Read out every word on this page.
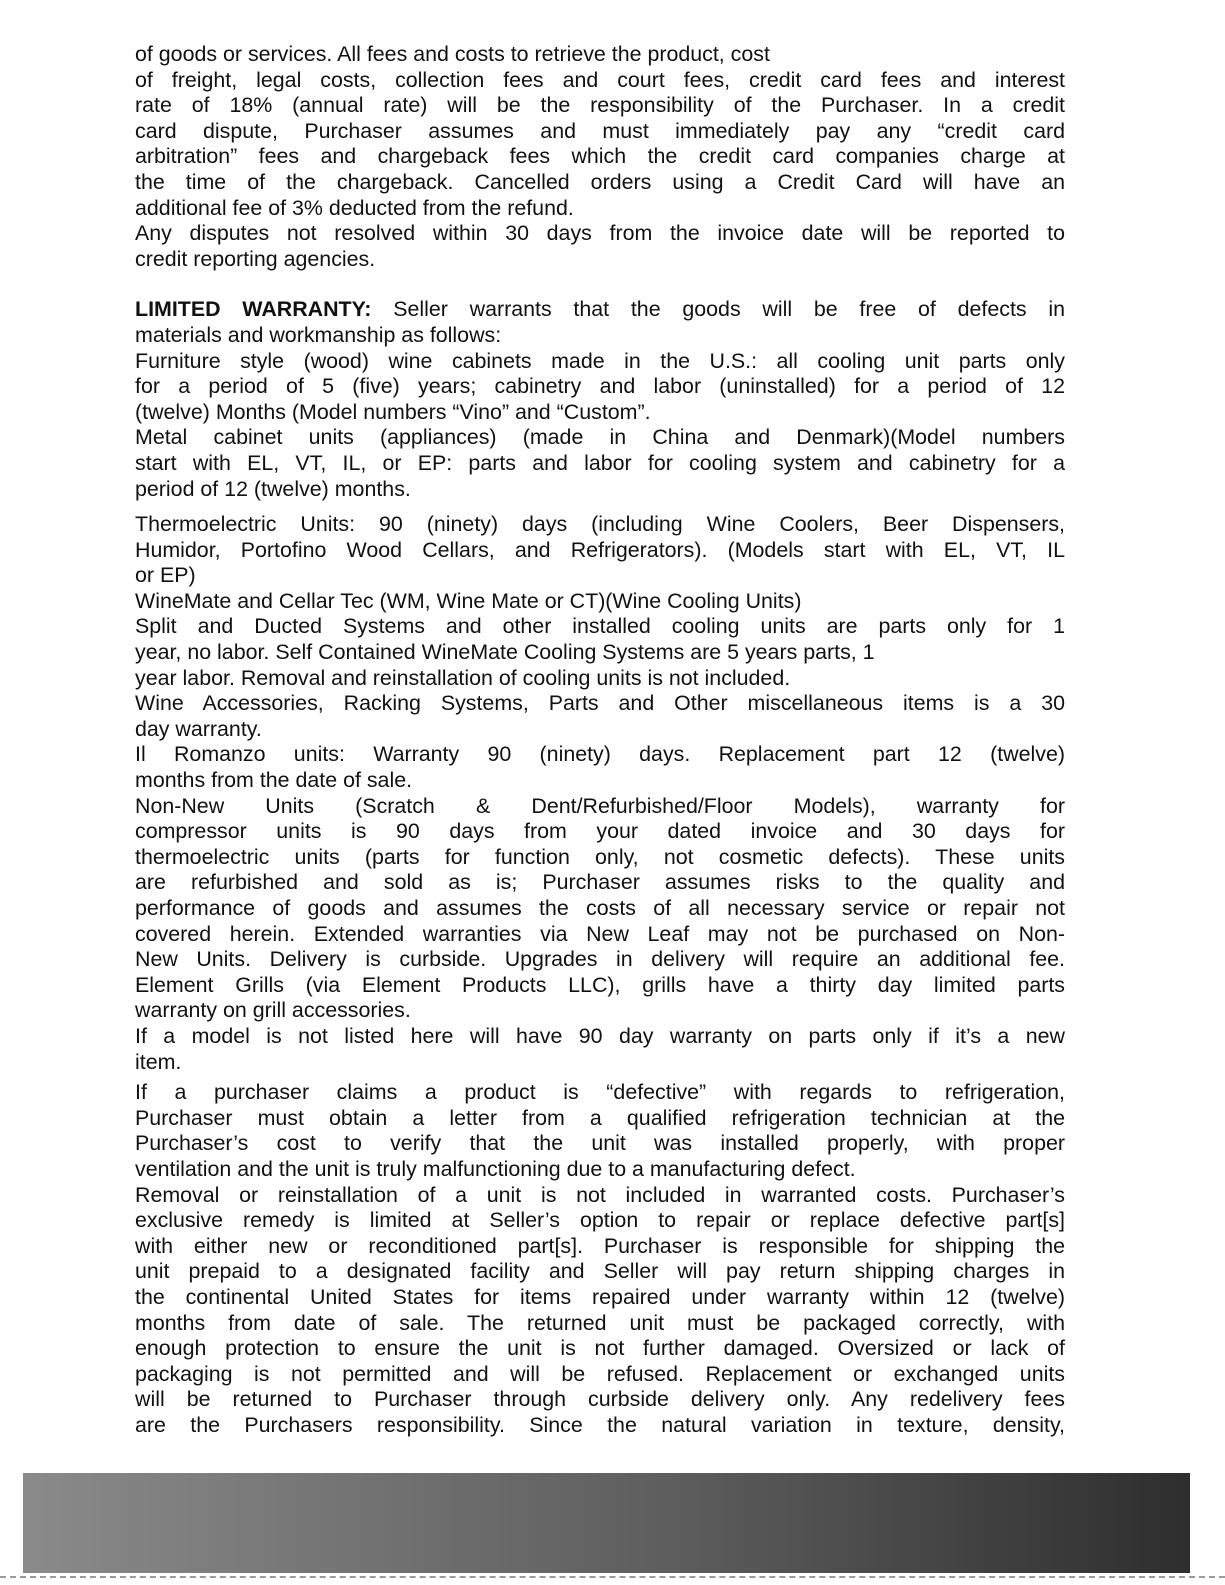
of goods or services. All fees and costs to retrieve the product, cost
of freight, legal costs, collection fees and court fees, credit card fees and interest
rate of 18% (annual rate) will be the responsibility of the Purchaser. In a credit
card dispute, Purchaser assumes and must immediately pay any “credit card
arbitration” fees and chargeback fees which the credit card companies charge at
the time of the chargeback. Cancelled orders using a Credit Card will have an
additional fee of 3% deducted from the refund.
Any disputes not resolved within 30 days from the invoice date will be reported to
credit reporting agencies.
LIMITED WARRANTY: Seller warrants that the goods will be free of defects in
materials and workmanship as follows:
Furniture style (wood) wine cabinets made in the U.S.: all cooling unit parts only
for a period of 5 (five) years; cabinetry and labor (uninstalled) for a period of 12
(twelve) Months (Model numbers “Vino” and “Custom”.
Metal cabinet units (appliances) (made in China and Denmark)(Model numbers
start with EL, VT, IL, or EP: parts and labor for cooling system and cabinetry for a
period of 12 (twelve) months.
Thermoelectric Units: 90 (ninety) days (including Wine Coolers, Beer Dispensers,
Humidor, Portofino Wood Cellars, and Refrigerators). (Models start with EL, VT, IL
or EP)
WineMate and Cellar Tec (WM, Wine Mate or CT)(Wine Cooling Units)
Split and Ducted Systems and other installed cooling units are parts only for 1
year, no labor. Self Contained WineMate Cooling Systems are 5 years parts, 1
year labor. Removal and reinstallation of cooling units is not included.
Wine Accessories, Racking Systems, Parts and Other miscellaneous items is a 30
day warranty.
Il Romanzo units: Warranty 90 (ninety) days. Replacement part 12 (twelve)
months from the date of sale.
Non-New Units (Scratch & Dent/Refurbished/Floor Models), warranty for
compressor units is 90 days from your dated invoice and 30 days for
thermoelectric units (parts for function only, not cosmetic defects). These units
are refurbished and sold as is; Purchaser assumes risks to the quality and
performance of goods and assumes the costs of all necessary service or repair not
covered herein. Extended warranties via New Leaf may not be purchased on Non-
New Units. Delivery is curbside. Upgrades in delivery will require an additional fee.
Element Grills (via Element Products LLC), grills have a thirty day limited parts
warranty on grill accessories.
If a model is not listed here will have 90 day warranty on parts only if it’s a new
item.
If a purchaser claims a product is “defective” with regards to refrigeration,
Purchaser must obtain a letter from a qualified refrigeration technician at the
Purchaser’s cost to verify that the unit was installed properly, with proper
ventilation and the unit is truly malfunctioning due to a manufacturing defect.
Removal or reinstallation of a unit is not included in warranted costs. Purchaser’s
exclusive remedy is limited at Seller’s option to repair or replace defective part[s]
with either new or reconditioned part[s]. Purchaser is responsible for shipping the
unit prepaid to a designated facility and Seller will pay return shipping charges in
the continental United States for items repaired under warranty within 12 (twelve)
months from date of sale. The returned unit must be packaged correctly, with
enough protection to ensure the unit is not further damaged. Oversized or lack of
packaging is not permitted and will be refused. Replacement or exchanged units
will be returned to Purchaser through curbside delivery only. Any redelivery fees
are the Purchasers responsibility. Since the natural variation in texture, density,
